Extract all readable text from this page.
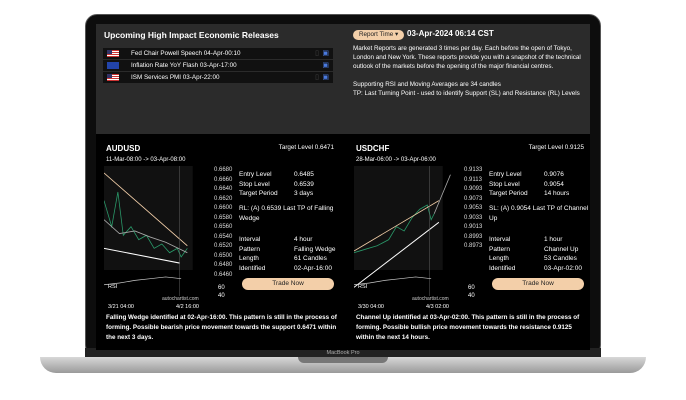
MacBook Pro
Upcoming High Impact Economic Releases
Fed Chair Powell Speech 04-Apr-00:10	▯ ▣
Inflation Rate YoY Flash 03-Apr-17:00	▣
ISM Services PMI 03-Apr-22:00	▯ ▣
Report Time ▾	03-Apr-2024 06:14 CST

Market Reports are generated 3 times per day. Each before the open of Tokyo, London and New York. These reports provide you with a snapshot of the technical outlook of the markets before the opening of the major financial centres.

Supporting RSI and Moving Averages are 34 candles

TP: Last Turning Point - used to identify Support (SL) and Resistance (RL) Levels

AUDUSD
11-Mar-08:00 -> 03-Apr-08:00
Target Level 0.6471
0.6680
0.6660
0.6640
0.6620
0.6600
0.6580
0.6560
0.6540
0.6520
0.6500
0.6480
0.6460
RSI	60
40
autochartist.com
3/21 04:00	4/2 16:00
Entry Level	0.6485
Stop Level	0.6539
Target Period	3 days
RL: (A) 0.6539 Last TP of Falling Wedge
Interval	4 hour
Pattern	Falling Wedge
Length	61 Candles
Identified	02-Apr-16:00
Trade Now
Falling Wedge identified at 02-Apr-16:00. This pattern is still in the process of forming. Possible bearish price movement towards the support 0.6471 within the next 3 days.
USDCHF
28-Mar-06:00 -> 03-Apr-06:00
Target Level 0.9125
0.9133
0.9113
0.9093
0.9073
0.9053
0.9033
0.9013
0.8993
0.8973
RSI	60
40
autochartist.com
3/30 04:00	4/3 02:00
Entry Level	0.9076
Stop Level	0.9054
Target Period	14 hours
SL: (A) 0.9054 Last TP of Channel Up
Interval	1 hour
Pattern	Channel Up
Length	53 Candles
Identified	03-Apr-02:00
Trade Now
Channel Up identified at 03-Apr-02:00. This pattern is still in the process of forming. Possible bullish price movement towards the resistance 0.9125 within the next 14 hours.
